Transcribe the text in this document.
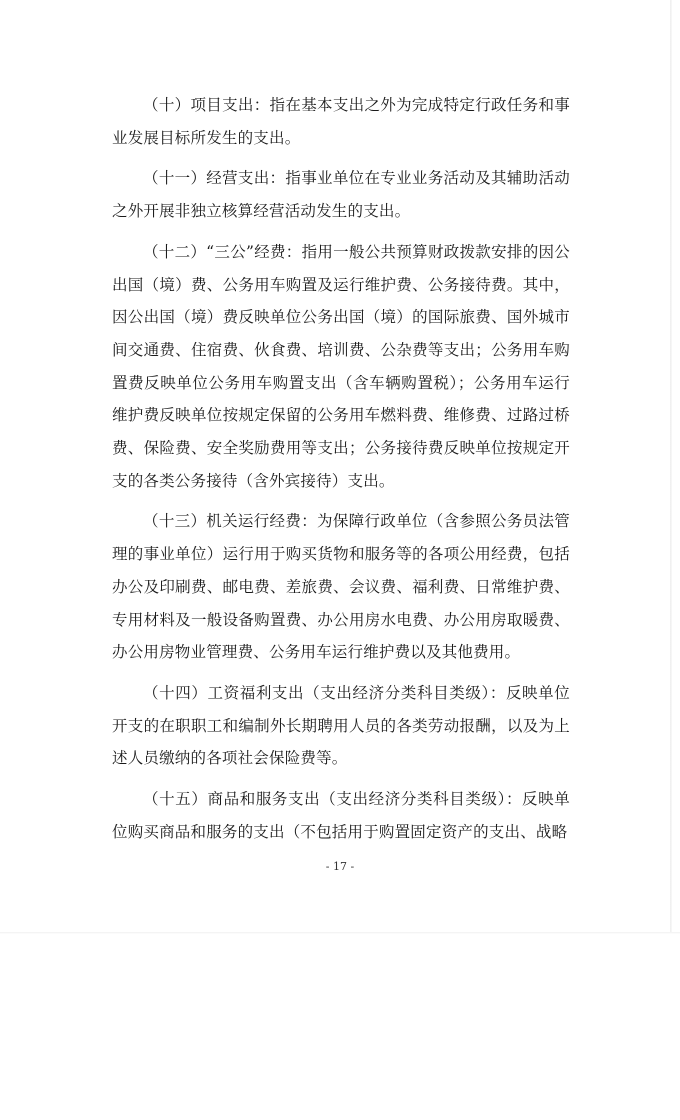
（十）项目支出：指在基本支出之外为完成特定行政任务和事业发展目标所发生的支出。

（十一）经营支出：指事业单位在专业业务活动及其辅助活动之外开展非独立核算经营活动发生的支出。

（十二）“三公”经费：指用一般公共预算财政拨款安排的因公出国（境）费、公务用车购置及运行维护费、公务接待费。其中，因公出国（境）费反映单位公务出国（境）的国际旅费、国外城市间交通费、住宿费、伙食费、培训费、公杂费等支出；公务用车购置费反映单位公务用车购置支出（含车辆购置税）；公务用车运行维护费反映单位按规定保留的公务用车燃料费、维修费、过路过桥费、保险费、安全奖励费用等支出；公务接待费反映单位按规定开支的各类公务接待（含外宾接待）支出。

（十三）机关运行经费：为保障行政单位（含参照公务员法管理的事业单位）运行用于购买货物和服务等的各项公用经费，包括办公及印刷费、邮电费、差旅费、会议费、福利费、日常维护费、专用材料及一般设备购置费、办公用房水电费、办公用房取暖费、办公用房物业管理费、公务用车运行维护费以及其他费用。

（十四）工资福利支出（支出经济分类科目类级）：反映单位开支的在职职工和编制外长期聘用人员的各类劳动报酬，以及为上述人员缴纳的各项社会保险费等。

（十五）商品和服务支出（支出经济分类科目类级）：反映单位购买商品和服务的支出（不包括用于购置固定资产的支出、战略

- 17 -
